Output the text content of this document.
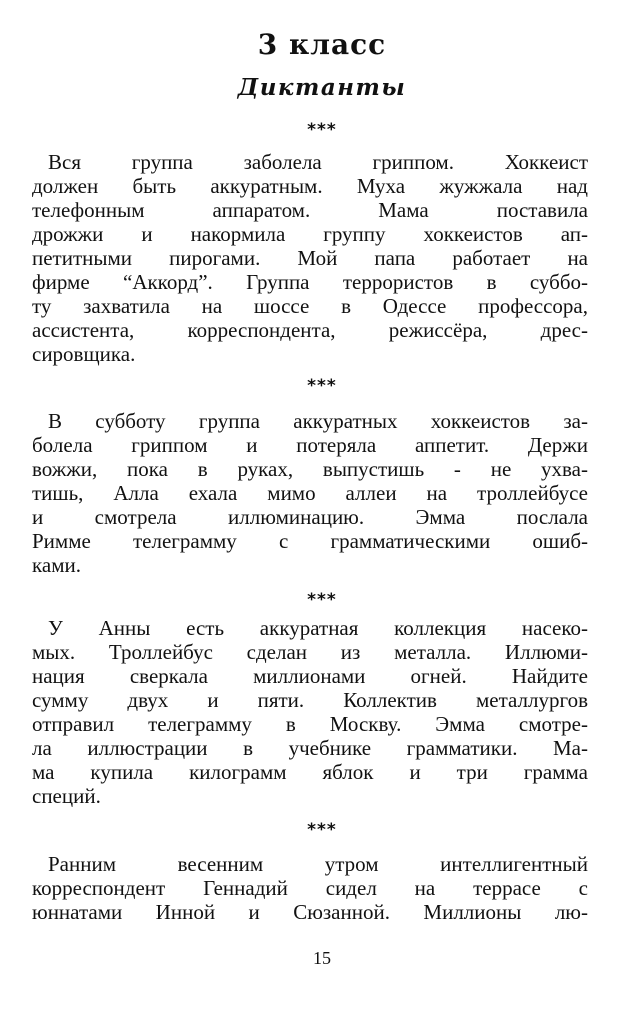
3 класс
Диктанты

***

Вся группа заболела гриппом. Хоккеист
должен быть аккуратным. Муха жужжала над
телефонным аппаратом. Мама поставила
дрожжи и накормила группу хоккеистов ап-
петитными пирогами. Мой папа работает на
фирме “Аккорд”. Группа террористов в суббо-
ту захватила на шоссе в Одессе профессора,
ассистента, корреспондента, режиссёра, дрес-
сировщика.

***

В субботу группа аккуратных хоккеистов за-
болела гриппом и потеряла аппетит. Держи
вожжи, пока в руках, выпустишь - не ухва-
тишь, Алла ехала мимо аллеи на троллейбусе
и смотрела иллюминацию. Эмма послала
Римме телеграмму с грамматическими ошиб-
ками.

***

У Анны есть аккуратная коллекция насеко-
мых. Троллейбус сделан из металла. Иллюми-
нация сверкала миллионами огней. Найдите
сумму двух и пяти. Коллектив металлургов
отправил телеграмму в Москву. Эмма смотре-
ла иллюстрации в учебнике грамматики. Ма-
ма купила килограмм яблок и три грамма
специй.

***

Ранним весенним утром интеллигентный
корреспондент Геннадий сидел на террасе с
юннатами Инной и Сюзанной. Миллионы лю-

15
